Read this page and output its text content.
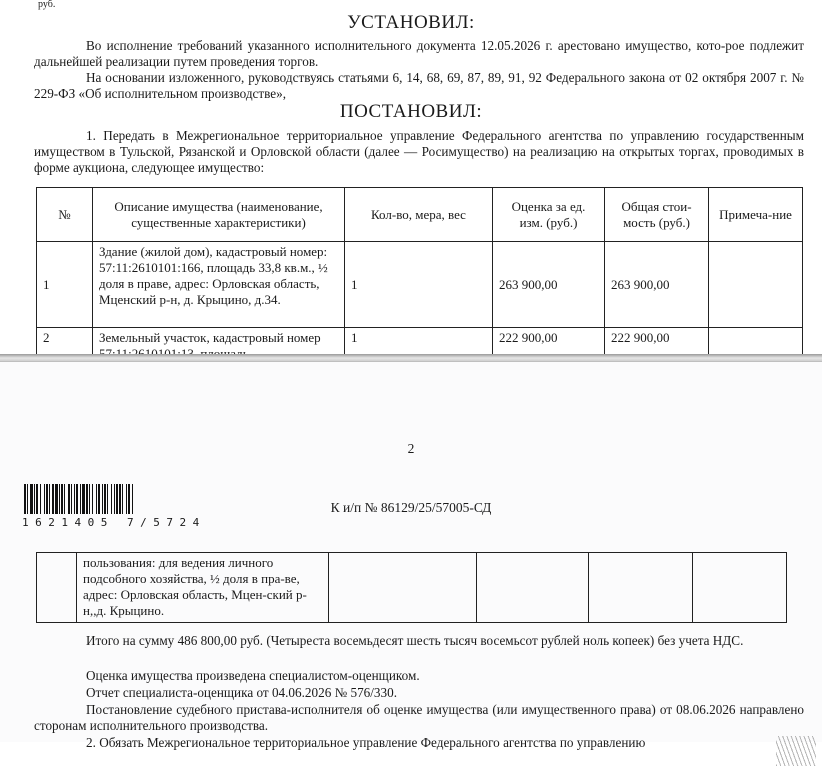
руб.
УСТАНОВИЛ:
Во исполнение требований указанного исполнительного документа 12.05.2026 г. арестовано имущество, кото-рое подлежит дальнейшей реализации путем проведения торгов.
На основании изложенного, руководствуясь статьями 6, 14, 68, 69, 87, 89, 91, 92 Федерального закона от 02 октября 2007 г. № 229-ФЗ «Об исполнительном производстве»,
ПОСТАНОВИЛ:
1. Передать в Межрегиональное территориальное управление Федерального агентства по управлению государственным имуществом в Тульской, Рязанской и Орловской области (далее — Росимущество) на реализацию на открытых торгах, проводимых в форме аукциона, следующее имущество:
№	Описание имущества (наименование, существенные характеристики)	Кол-во, мера, вес	Оценка за ед. изм. (руб.)	Общая стои-мость (руб.)	Примеча-ние
1	Здание (жилой дом), кадастровый номер: 57:11:2610101:166, площадь 33,8 кв.м., ½ доля в праве, адрес: Орловская область, Мценский р-н, д. Крыцино, д.34.	1	263 900,00	263 900,00	
2	Земельный участок, кадастровый номер	1	222 900,00	222 900,00	
2
1621405 7/5724
К и/п № 86129/25/57005-СД
	пользования: для ведения личного подсобного хозяйства, ½ доля в пра-ве, адрес: Орловская область, Мцен-ский р-н,,д. Крыцино.				
Итого на сумму 486 800,00 руб. (Четыреста восемьдесят шесть тысяч восемьсот рублей ноль копеек) без учета НДС.
Оценка имущества произведена специалистом-оценщиком.
Отчет специалиста-оценщика от 04.06.2026 № 576/330.
Постановление судебного пристава-исполнителя об оценке имущества (или имущественного права) от 08.06.2026 направлено сторонам исполнительного производства.
2. Обязать Межрегиональное территориальное управление Федерального агентства по управлению
